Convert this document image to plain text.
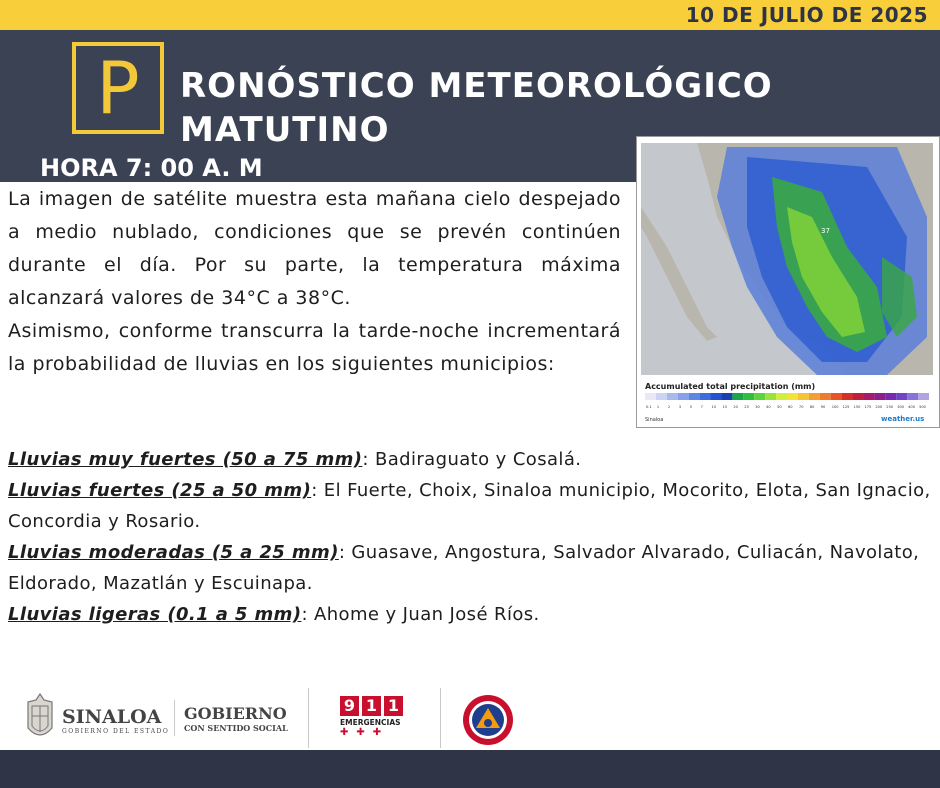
10 DE JULIO DE 2025
P	RONÓSTICO METEOROLÓGICO
MATUTINO
HORA 7: 00 A. M
37
Accumulated total precipitation (mm)
0.1 1 2 3 5 7 10 15 20 25 30 40 50 60 70 80 90 100 125 150 175 200 250 300 400 500
Sinaloa	weather.us

La imagen de satélite muestra esta mañana cielo despejado a medio nublado, condiciones que se prevén continúen durante el día. Por su parte, la temperatura máxima alcanzará valores de 34°C a 38°C.

Asimismo, conforme transcurra la tarde-noche incrementará la probabilidad de lluvias en los siguientes municipios:

Lluvias muy fuertes (50 a 75 mm): Badiraguato y Cosalá.

Lluvias fuertes (25 a 50 mm): El Fuerte, Choix, Sinaloa municipio, Mocorito, Elota, San Ignacio, Concordia y Rosario.

Lluvias moderadas (5 a 25 mm): Guasave, Angostura, Salvador Alvarado, Culiacán, Navolato, Eldorado, Mazatlán y Escuinapa.

Lluvias ligeras (0.1 a 5 mm): Ahome y Juan José Ríos.

SINALOA
GOBIERNO DEL ESTADO
GOBIERNO
CON SENTIDO SOCIAL
9 1 1
EMERGENCIAS
✚✚✚
